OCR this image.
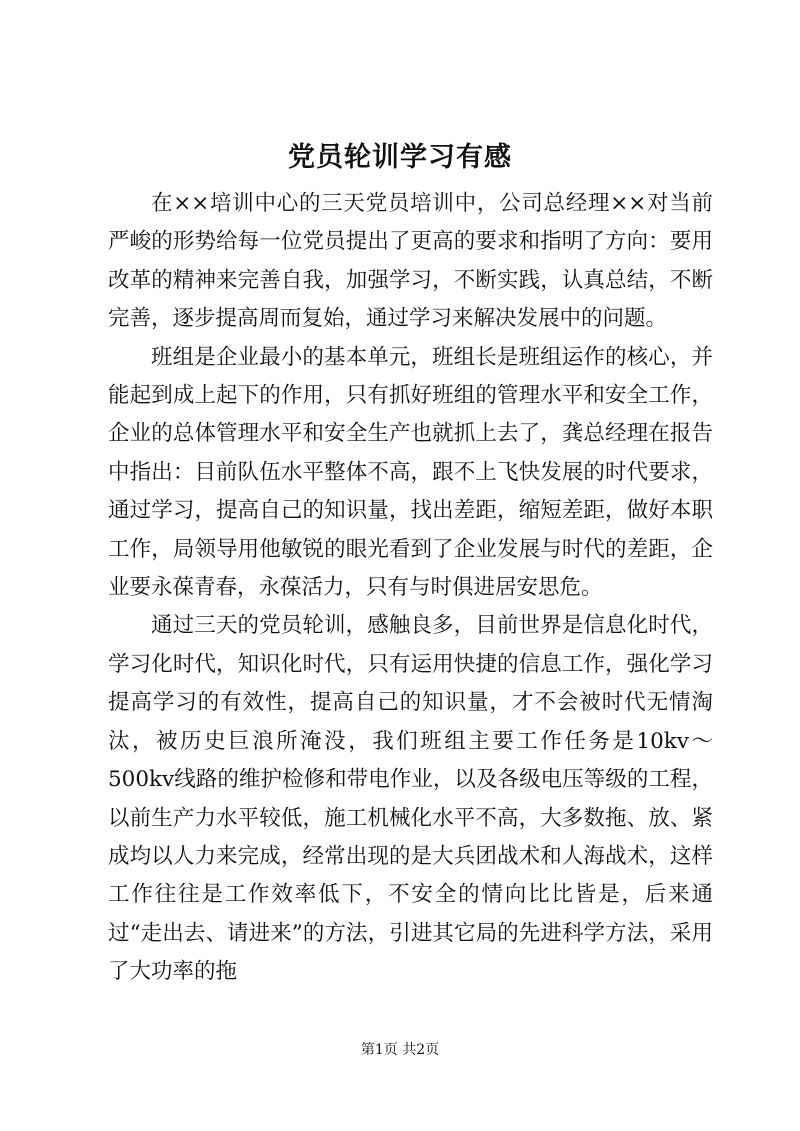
党员轮训学习有感

在××培训中心的三天党员培训中，公司总经理××对当前严峻的形势给每一位党员提出了更高的要求和指明了方向：要用改革的精神来完善自我，加强学习，不断实践，认真总结，不断完善，逐步提高周而复始，通过学习来解决发展中的问题。

班组是企业最小的基本单元，班组长是班组运作的核心，并能起到成上起下的作用，只有抓好班组的管理水平和安全工作，企业的总体管理水平和安全生产也就抓上去了，龚总经理在报告中指出：目前队伍水平整体不高，跟不上飞快发展的时代要求，通过学习，提高自己的知识量，找出差距，缩短差距，做好本职工作，局领导用他敏锐的眼光看到了企业发展与时代的差距，企业要永葆青春，永葆活力，只有与时俱进居安思危。

通过三天的党员轮训，感触良多，目前世界是信息化时代，学习化时代，知识化时代，只有运用快捷的信息工作，强化学习提高学习的有效性，提高自己的知识量，才不会被时代无情淘汰，被历史巨浪所淹没，我们班组主要工作任务是10kv～500kv线路的维护检修和带电作业，以及各级电压等级的工程，以前生产力水平较低，施工机械化水平不高，大多数拖、放、紧成均以人力来完成，经常出现的是大兵团战术和人海战术，这样工作往往是工作效率低下，不安全的情向比比皆是，后来通过“走出去、请进来”的方法，引进其它局的先进科学方法，采用了大功率的拖

第1页 共2页
